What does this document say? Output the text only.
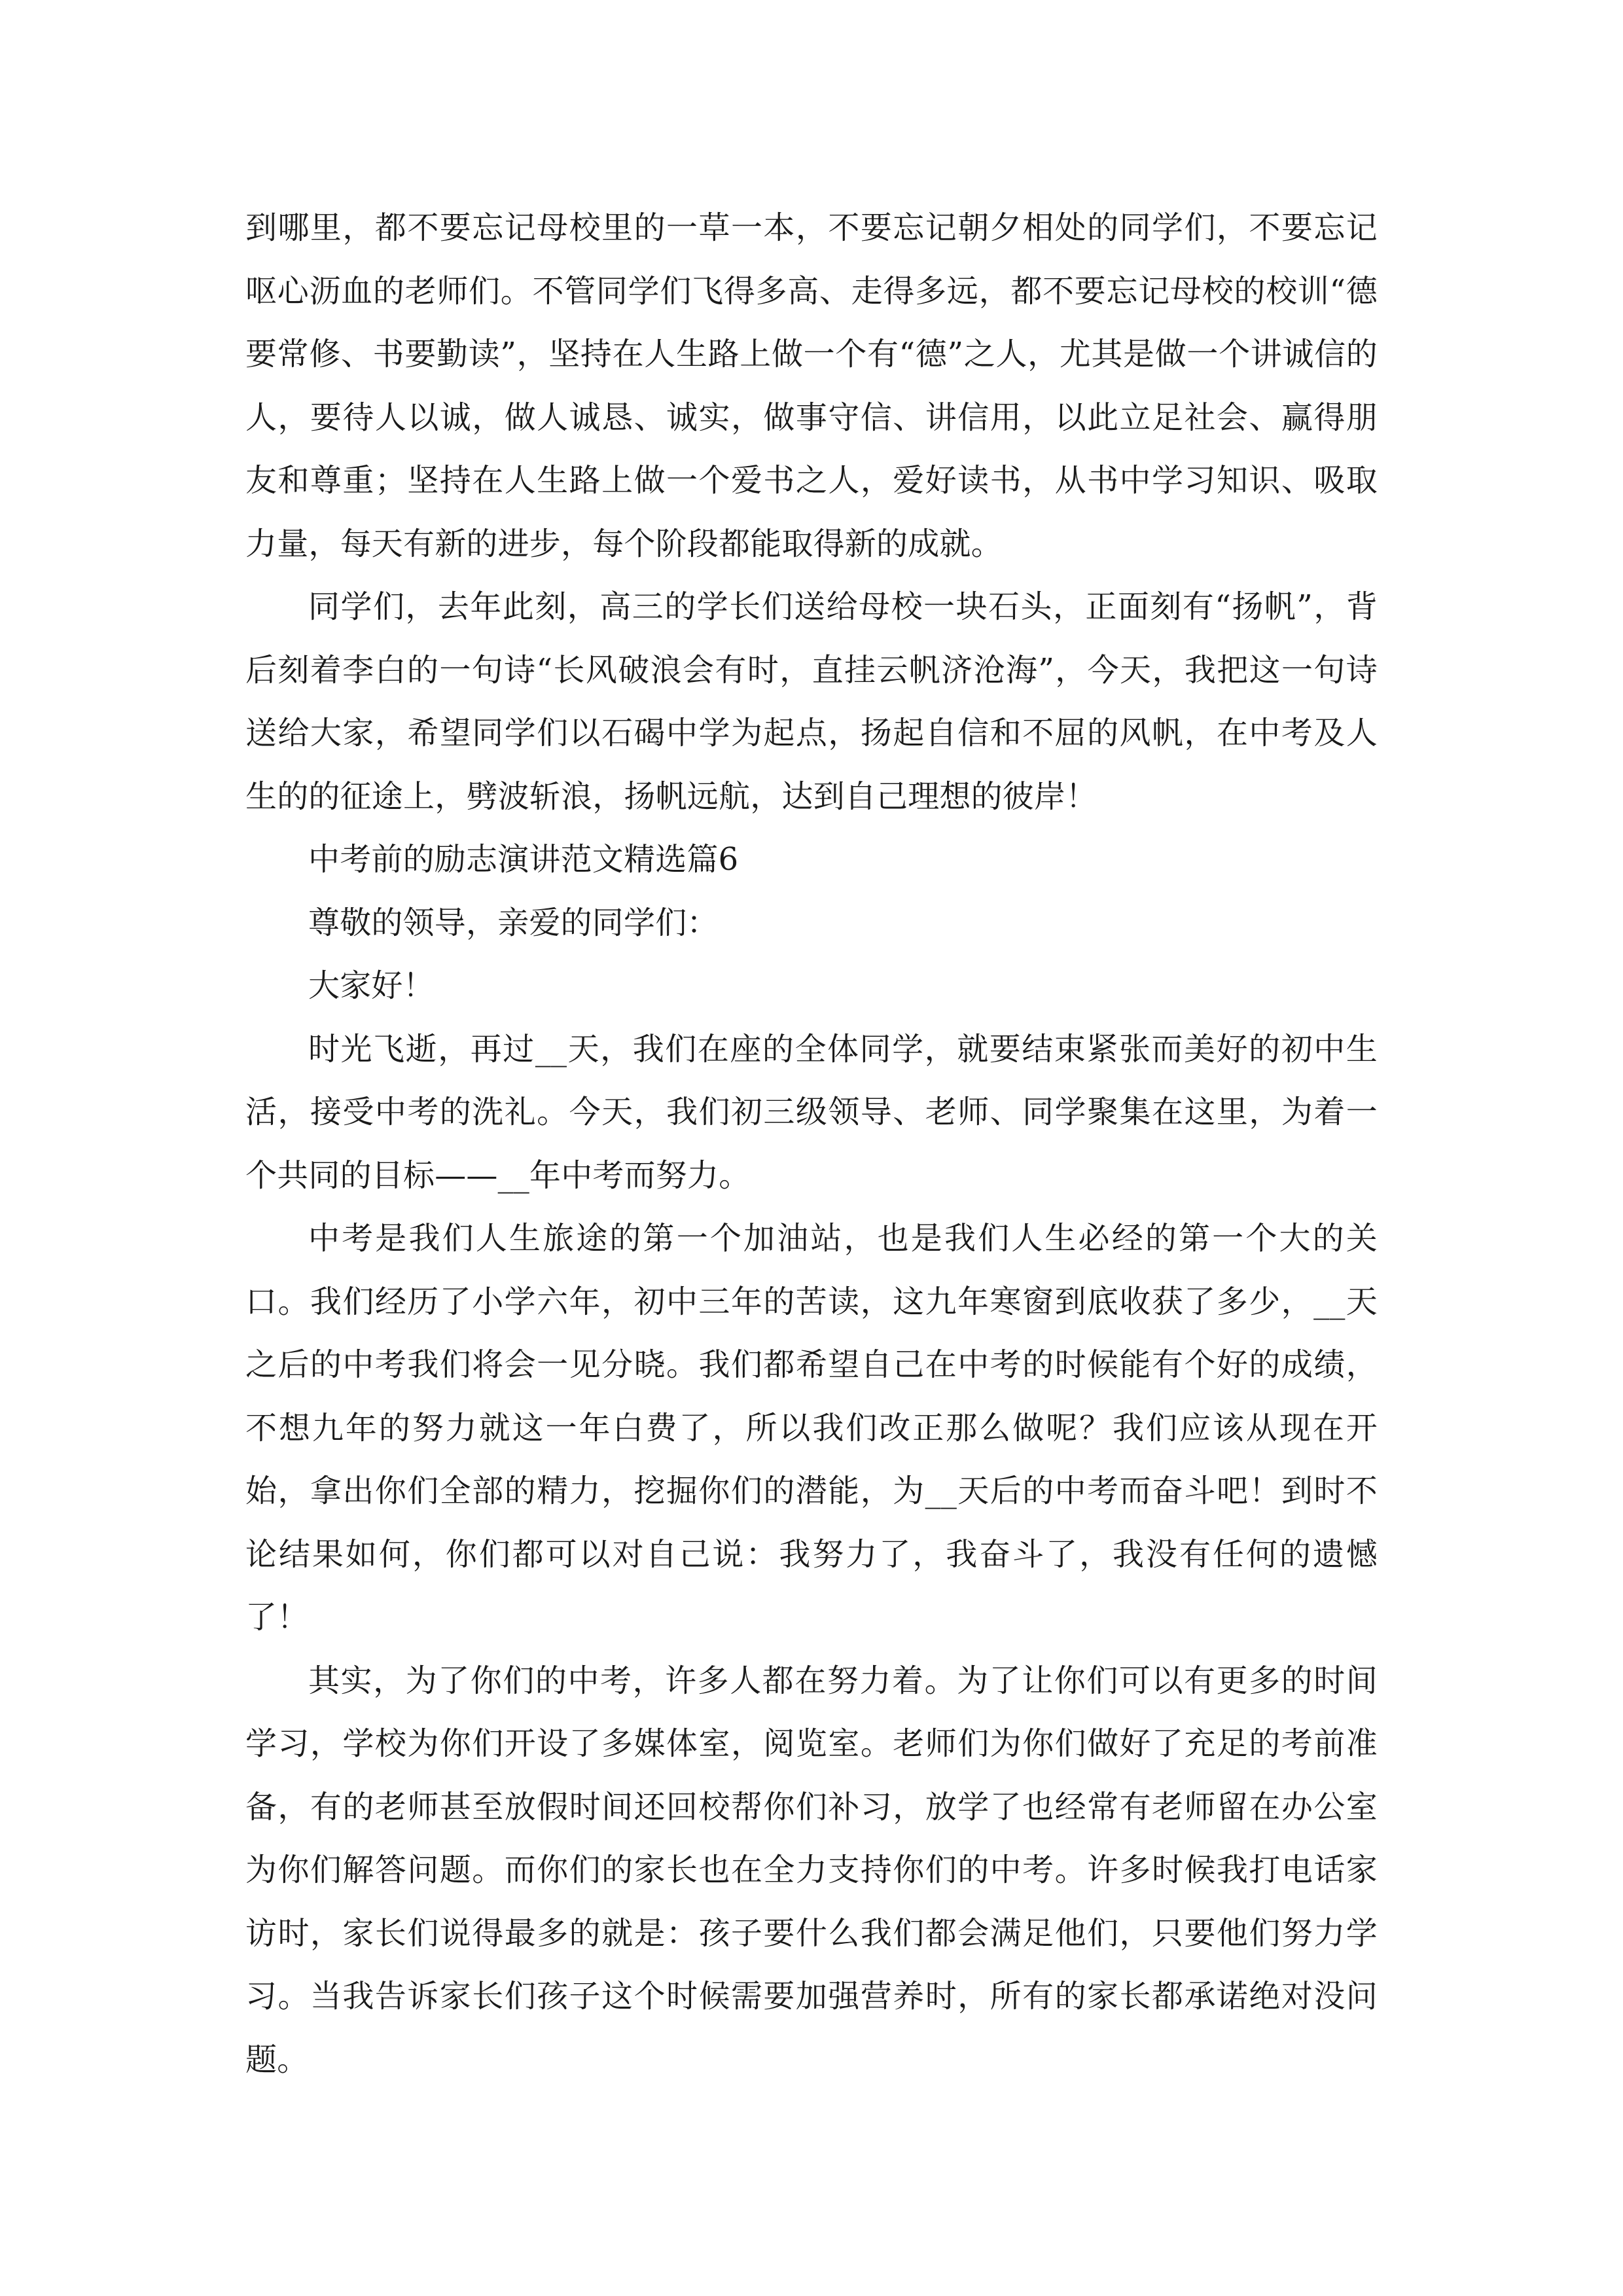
到哪里，都不要忘记母校里的一草一本，不要忘记朝夕相处的同学们，不要忘记呕心沥血的老师们。不管同学们飞得多高、走得多远，都不要忘记母校的校训“德要常修、书要勤读”，坚持在人生路上做一个有“德”之人，尤其是做一个讲诚信的人，要待人以诚，做人诚恳、诚实，做事守信、讲信用，以此立足社会、赢得朋友和尊重；坚持在人生路上做一个爱书之人，爱好读书，从书中学习知识、吸取力量，每天有新的进步，每个阶段都能取得新的成就。

同学们，去年此刻，高三的学长们送给母校一块石头，正面刻有“扬帆”，背后刻着李白的一句诗“长风破浪会有时，直挂云帆济沧海”，今天，我把这一句诗送给大家，希望同学们以石碣中学为起点，扬起自信和不屈的风帆，在中考及人生的的征途上，劈波斩浪，扬帆远航，达到自己理想的彼岸！

中考前的励志演讲范文精选篇6

尊敬的领导，亲爱的同学们：

大家好！

时光飞逝，再过__天，我们在座的全体同学，就要结束紧张而美好的初中生活，接受中考的洗礼。今天，我们初三级领导、老师、同学聚集在这里，为着一个共同的目标——__年中考而努力。

中考是我们人生旅途的第一个加油站，也是我们人生必经的第一个大的关口。我们经历了小学六年，初中三年的苦读，这九年寒窗到底收获了多少，__天之后的中考我们将会一见分晓。我们都希望自己在中考的时候能有个好的成绩，不想九年的努力就这一年白费了，所以我们改正那么做呢？我们应该从现在开始，拿出你们全部的精力，挖掘你们的潜能，为__天后的中考而奋斗吧！到时不论结果如何，你们都可以对自己说：我努力了，我奋斗了，我没有任何的遗憾了！

其实，为了你们的中考，许多人都在努力着。为了让你们可以有更多的时间学习，学校为你们开设了多媒体室，阅览室。老师们为你们做好了充足的考前准备，有的老师甚至放假时间还回校帮你们补习，放学了也经常有老师留在办公室为你们解答问题。而你们的家长也在全力支持你们的中考。许多时候我打电话家访时，家长们说得最多的就是：孩子要什么我们都会满足他们，只要他们努力学习。当我告诉家长们孩子这个时候需要加强营养时，所有的家长都承诺绝对没问题。
